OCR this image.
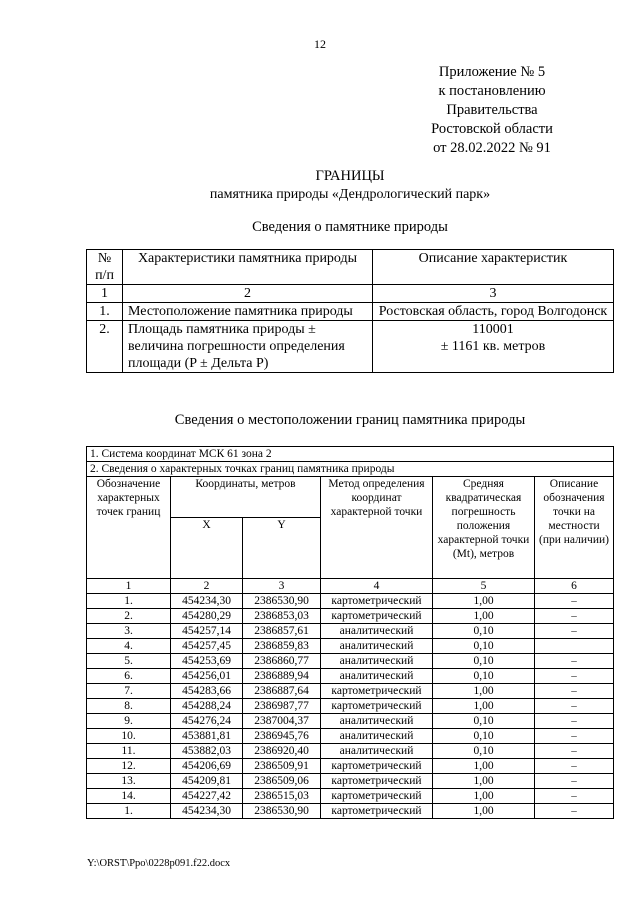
12
Приложение № 5
к постановлению
Правительства
Ростовской области
от 28.02.2022 № 91
ГРАНИЦЫ
памятника природы «Дендрологический парк»
Сведения о памятнике природы
№ п/п	Характеристики памятника природы	Описание характеристик
1	2	3
1.	Местоположение памятника природы	Ростовская область, город Волгодонск
2.	Площадь памятника природы ± величина погрешности определения площади (P ± Дельта P)	110001
± 1161 кв. метров
Сведения о местоположении границ памятника природы
1. Система координат МСК 61 зона 2					
2. Сведения о характерных точках границ памятника природы					
Обозначение характерных точек границ	Координаты, метров		Метод определения координат характерной точки	Средняя квадратическая погрешность положения характерной точки (Mt), метров	Описание обозначения точки на местности (при наличии)
	X	Y			
1	2	3	4	5	6
1.	454234,30	2386530,90	картометрический	1,00	–
2.	454280,29	2386853,03	картометрический	1,00	–
3.	454257,14	2386857,61	аналитический	0,10	–
4.	454257,45	2386859,83	аналитический	0,10	
5.	454253,69	2386860,77	аналитический	0,10	–
6.	454256,01	2386889,94	аналитический	0,10	–
7.	454283,66	2386887,64	картометрический	1,00	–
8.	454288,24	2386987,77	картометрический	1,00	–
9.	454276,24	2387004,37	аналитический	0,10	–
10.	453881,81	2386945,76	аналитический	0,10	–
11.	453882,03	2386920,40	аналитический	0,10	–
12.	454206,69	2386509,91	картометрический	1,00	–
13.	454209,81	2386509,06	картометрический	1,00	–
14.	454227,42	2386515,03	картометрический	1,00	–
1.	454234,30	2386530,90	картометрический	1,00	–
Y:\ORST\Ppo\0228p091.f22.docx
